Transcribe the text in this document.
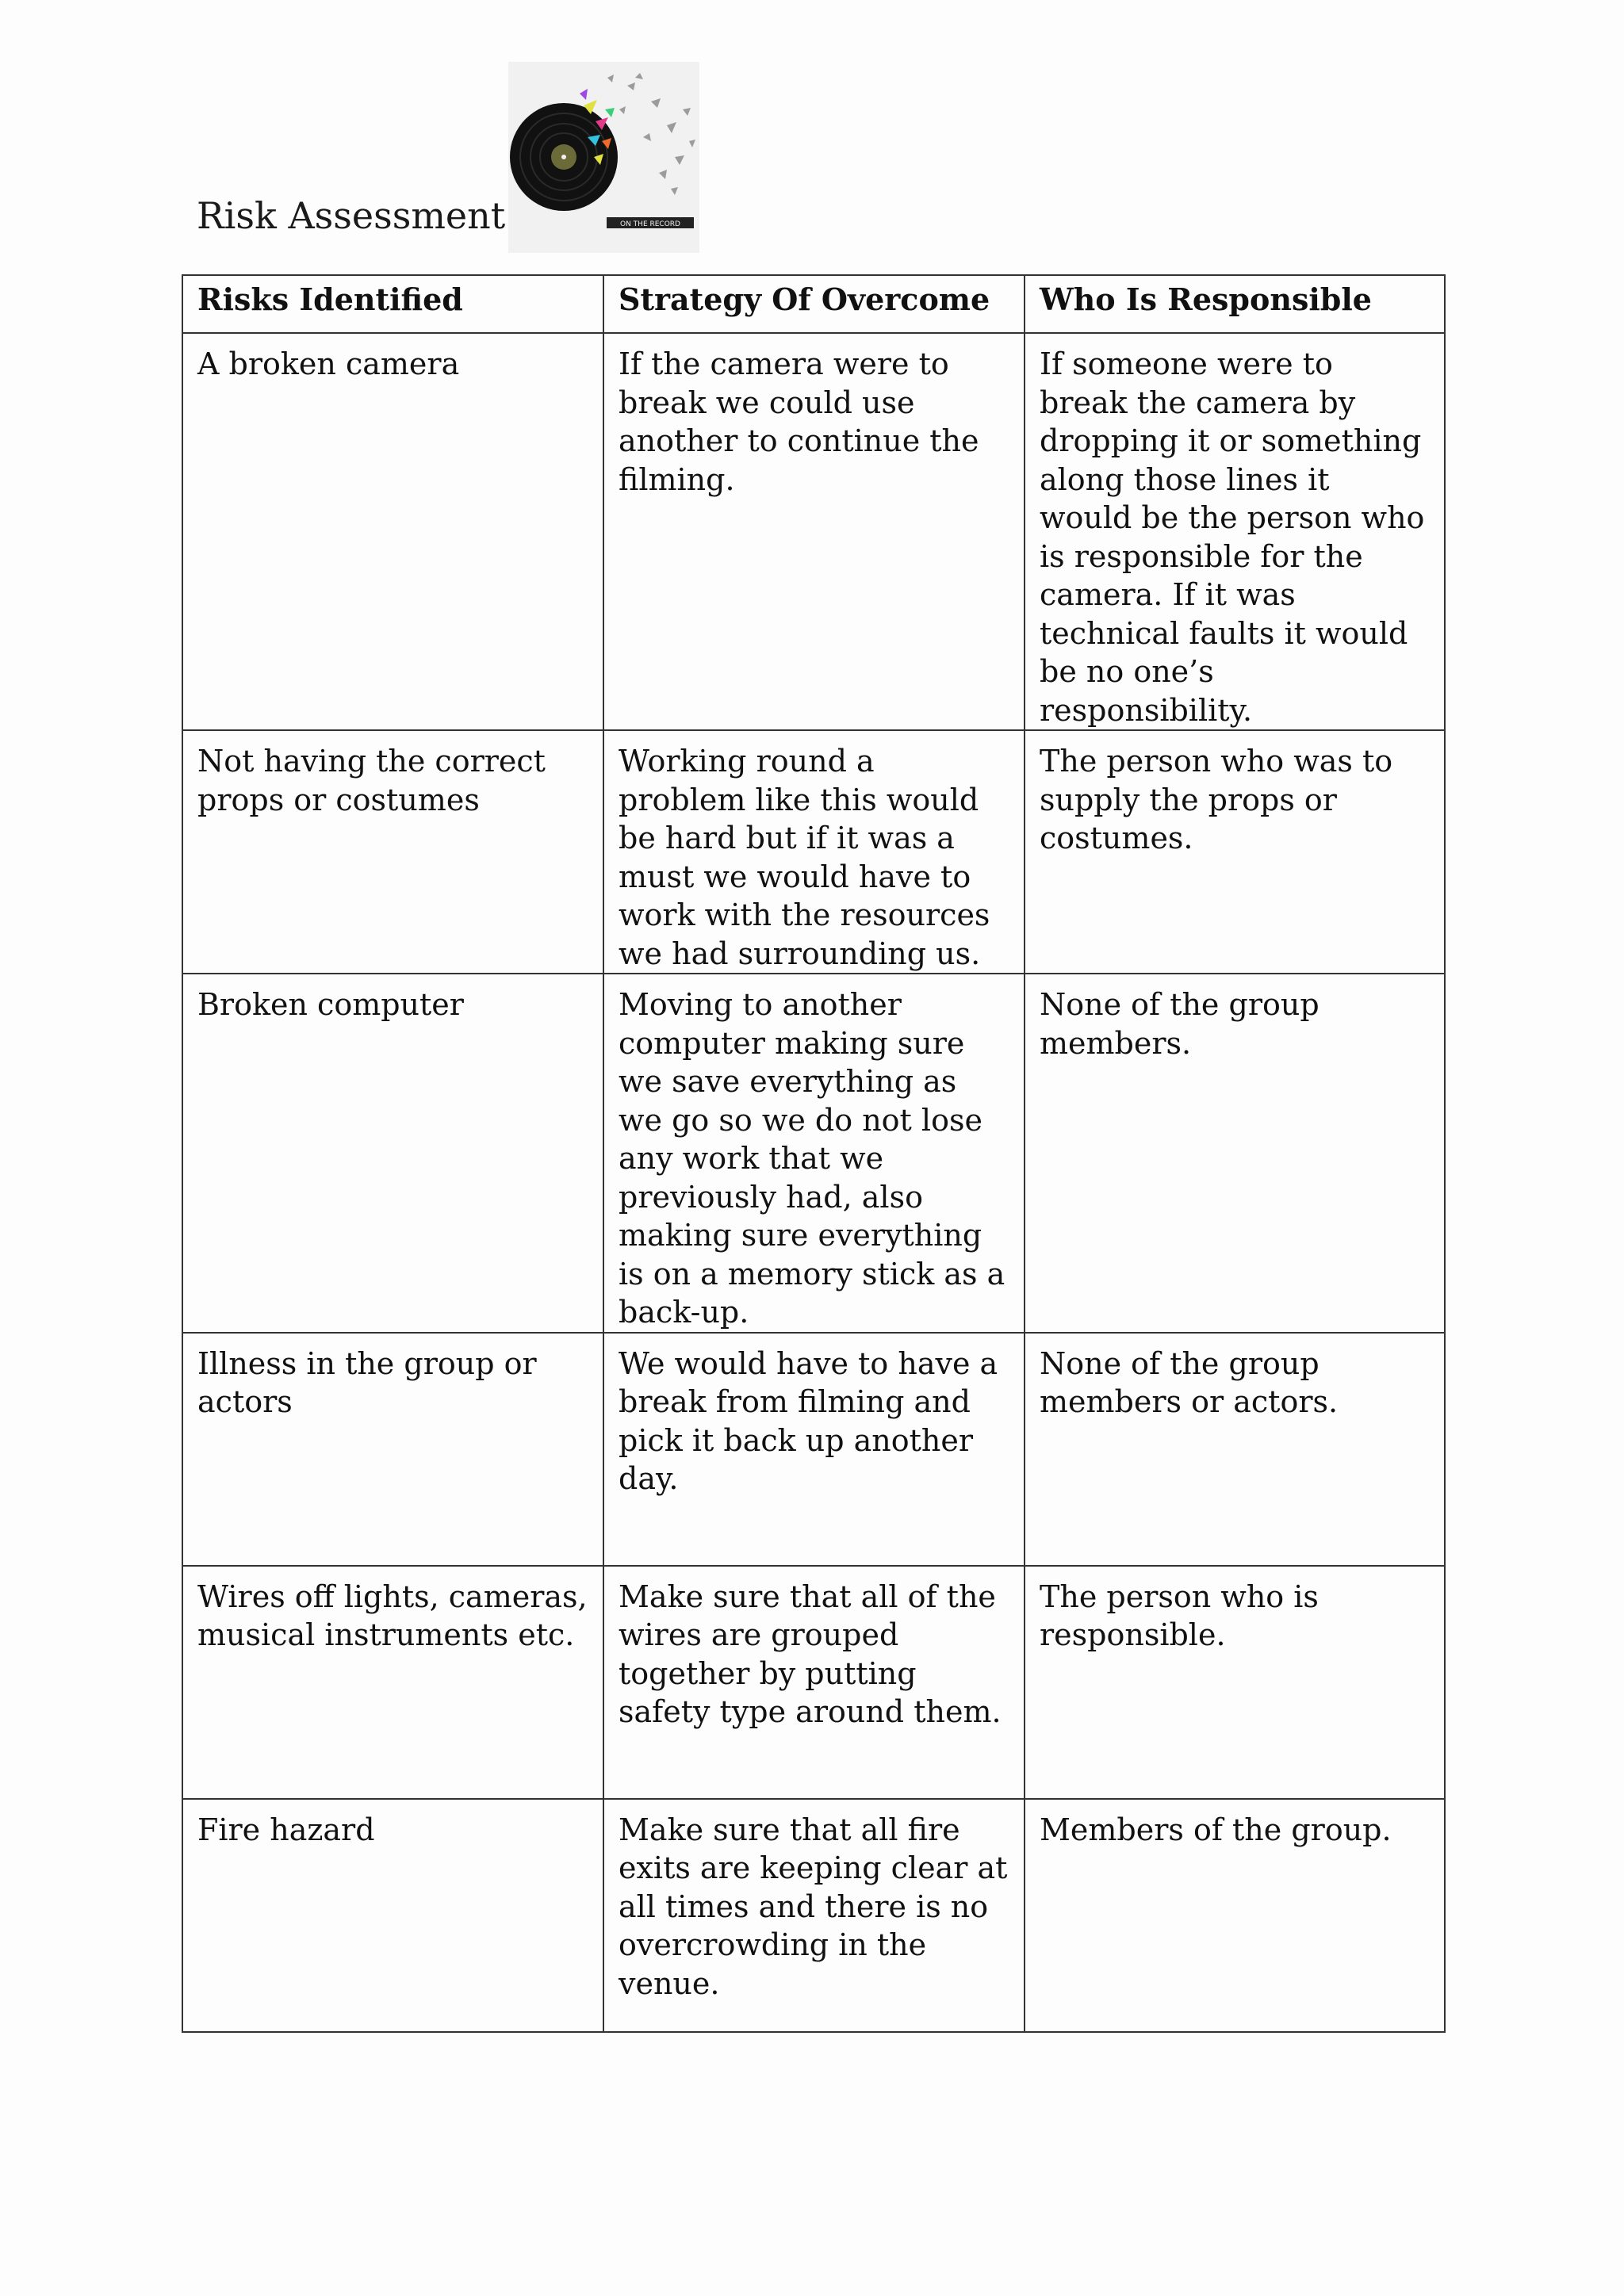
Risk Assessment	ON THE RECORD
Risks Identified	Strategy Of Overcome	Who Is Responsible
A broken camera	If the camera were to break we could use another to continue the filming.	If someone were to break the camera by dropping it or something along those lines it would be the person who is responsible for the camera. If it was technical faults it would be no one’s responsibility.
Not having the correct props or costumes	Working round a problem like this would be hard but if it was a must we would have to work with the resources we had surrounding us.	The person who was to supply the props or costumes.
Broken computer	Moving to another computer making sure we save everything as we go so we do not lose any work that we previously had, also making sure everything is on a memory stick as a back-up.	None of the group members.
Illness in the group or actors	We would have to have a break from filming and pick it back up another day.	None of the group members or actors.
Wires off lights, cameras, musical instruments etc.	Make sure that all of the wires are grouped together by putting safety type around them.	The person who is responsible.
Fire hazard	Make sure that all fire exits are keeping clear at all times and there is no overcrowding in the venue.	Members of the group.
